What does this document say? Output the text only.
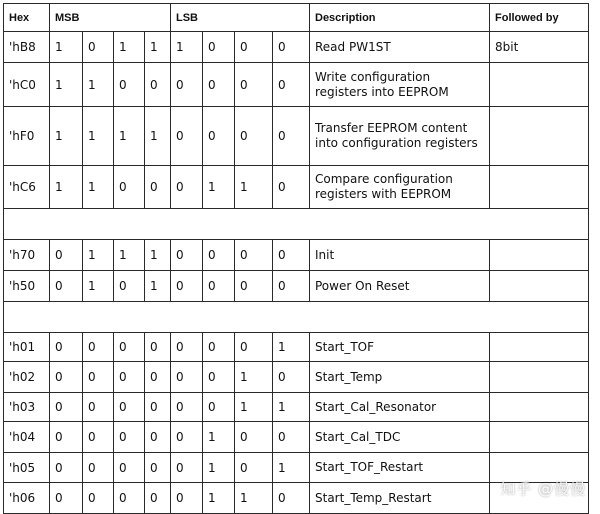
Hex	MSB				LSB				Description	Followed by
'hB8	1	0	1	1	1	0	0	0	Read PW1ST	8bit
'hC0	1	1	0	0	0	0	0	0	Write configuration registers into EEPROM	
'hF0	1	1	1	1	0	0	0	0	Transfer EEPROM content into configuration registers	
'hC6	1	1	0	0	0	1	1	0	Compare configuration registers with EEPROM	

'h70	0	1	1	1	0	0	0	0	Init	
'h50	0	1	0	1	0	0	0	0	Power On Reset	

'h01	0	0	0	0	0	0	0	1	Start_TOF	
'h02	0	0	0	0	0	0	1	0	Start_Temp	
'h03	0	0	0	0	0	0	1	1	Start_Cal_Resonator	
'h04	0	0	0	0	0	1	0	0	Start_Cal_TDC	
'h05	0	0	0	0	0	1	0	1	Start_TOF_Restart	
'h06	0	0	0	0	0	1	1	0	Start_Temp_Restart		知乎 @慢慢
